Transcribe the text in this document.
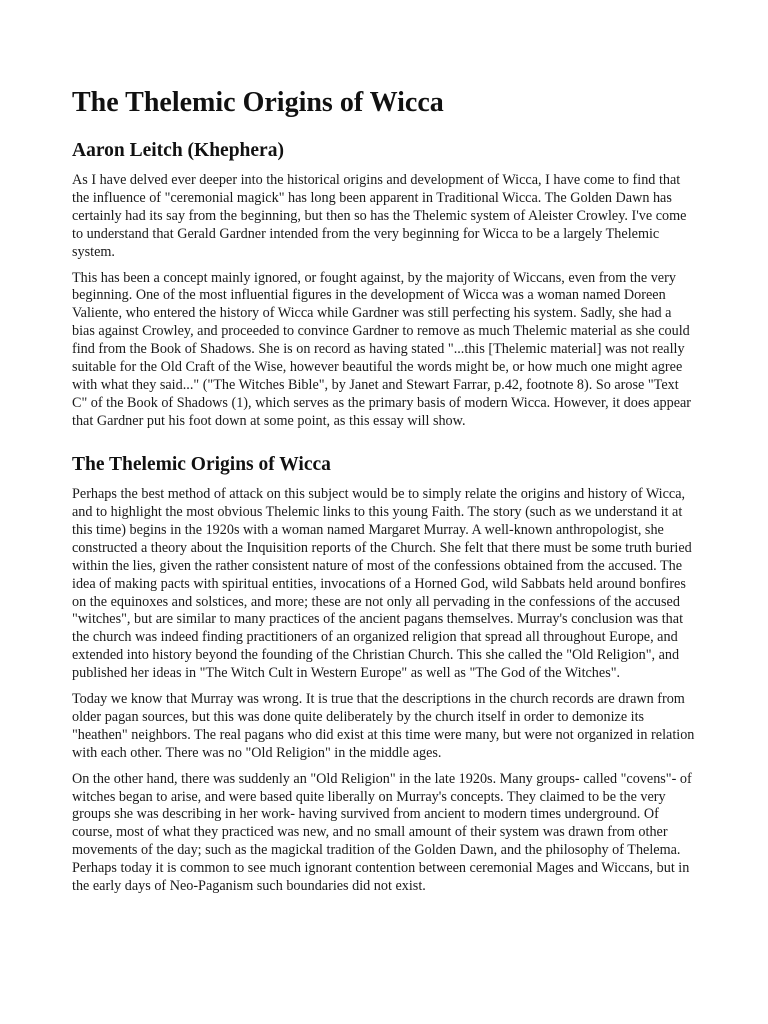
The Thelemic Origins of Wicca
Aaron Leitch (Khephera)

As I have delved ever deeper into the historical origins and development of Wicca, I have come to find that the influence of "ceremonial magick" has long been apparent in Traditional Wicca. The Golden Dawn has certainly had its say from the beginning, but then so has the Thelemic system of Aleister Crowley. I've come to understand that Gerald Gardner intended from the very beginning for Wicca to be a largely Thelemic system.

This has been a concept mainly ignored, or fought against, by the majority of Wiccans, even from the very beginning. One of the most influential figures in the development of Wicca was a woman named Doreen Valiente, who entered the history of Wicca while Gardner was still perfecting his system. Sadly, she had a bias against Crowley, and proceeded to convince Gardner to remove as much Thelemic material as she could find from the Book of Shadows. She is on record as having stated "...this [Thelemic material] was not really suitable for the Old Craft of the Wise, however beautiful the words might be, or how much one might agree with what they said..." ("The Witches Bible", by Janet and Stewart Farrar, p.42, footnote 8). So arose "Text C" of the Book of Shadows (1), which serves as the primary basis of modern Wicca. However, it does appear that Gardner put his foot down at some point, as this essay will show.

The Thelemic Origins of Wicca

Perhaps the best method of attack on this subject would be to simply relate the origins and history of Wicca, and to highlight the most obvious Thelemic links to this young Faith. The story (such as we understand it at this time) begins in the 1920s with a woman named Margaret Murray. A well-known anthropologist, she constructed a theory about the Inquisition reports of the Church. She felt that there must be some truth buried within the lies, given the rather consistent nature of most of the confessions obtained from the accused. The idea of making pacts with spiritual entities, invocations of a Horned God, wild Sabbats held around bonfires on the equinoxes and solstices, and more; these are not only all pervading in the confessions of the accused "witches", but are similar to many practices of the ancient pagans themselves. Murray's conclusion was that the church was indeed finding practitioners of an organized religion that spread all throughout Europe, and extended into history beyond the founding of the Christian Church. This she called the "Old Religion", and published her ideas in "The Witch Cult in Western Europe" as well as "The God of the Witches".

Today we know that Murray was wrong. It is true that the descriptions in the church records are drawn from older pagan sources, but this was done quite deliberately by the church itself in order to demonize its "heathen" neighbors. The real pagans who did exist at this time were many, but were not organized in relation with each other. There was no "Old Religion" in the middle ages.

On the other hand, there was suddenly an "Old Religion" in the late 1920s. Many groups- called "covens"- of witches began to arise, and were based quite liberally on Murray's concepts. They claimed to be the very groups she was describing in her work- having survived from ancient to modern times underground. Of course, most of what they practiced was new, and no small amount of their system was drawn from other movements of the day; such as the magickal tradition of the Golden Dawn, and the philosophy of Thelema. Perhaps today it is common to see much ignorant contention between ceremonial Mages and Wiccans, but in the early days of Neo-Paganism such boundaries did not exist.
